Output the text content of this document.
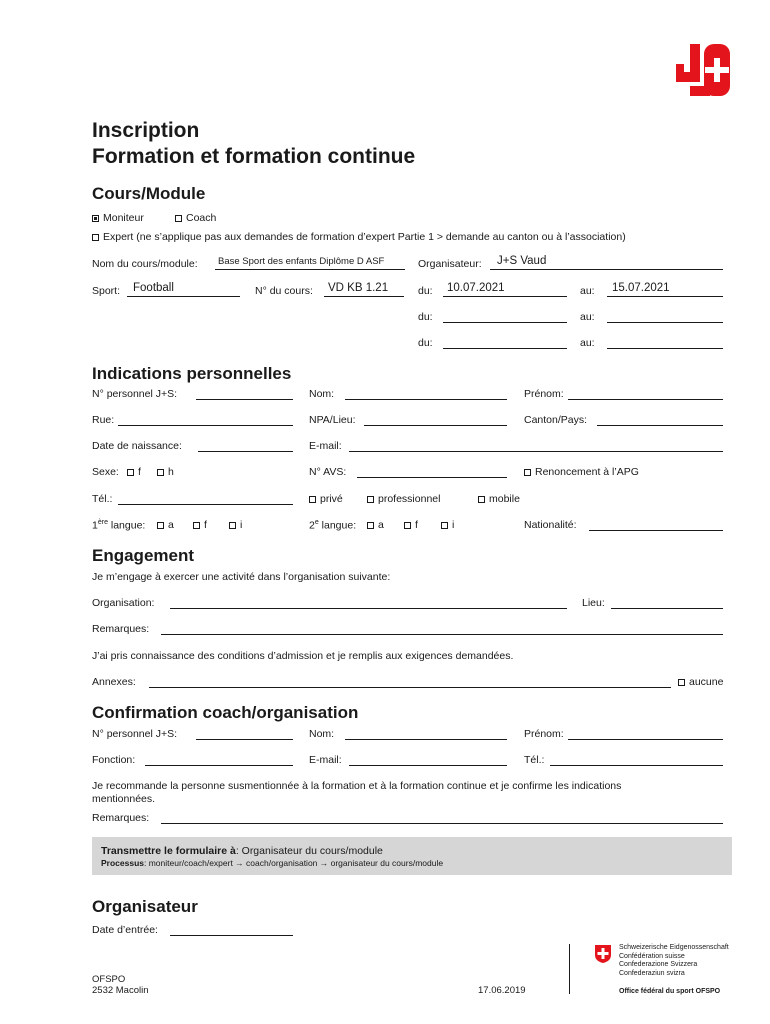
Inscription
Formation et formation continue
Cours/Module
Moniteur	Coach
Expert (ne s’applique pas aux demandes de formation d’expert Partie 1 > demande au canton ou à l’association)
Nom du cours/module: Base Sport des enfants Diplôme D ASF	Organisateur: J+S Vaud
Sport: Football	N° du cours: VD KB 1.21	du: 10.07.2021	au: 15.07.2021
du:	au:
du:	au:
Indications personnelles
N° personnel J+S:	Nom:	Prénom:
Rue:	NPA/Lieu:	Canton/Pays:
Date de naissance:	E-mail:
Sexe:	f	h	N° AVS:	Renoncement à l’APG
Tél.:	privé	professionnel	mobile
1ère langue:	a	f	i	2e langue:	a	f	i	Nationalité:
Engagement
Je m’engage à exercer une activité dans l’organisation suivante:
Organisation:	Lieu:
Remarques:
J’ai pris connaissance des conditions d’admission et je remplis aux exigences demandées.
Annexes:	aucune
Confirmation coach/organisation
N° personnel J+S:	Nom:	Prénom:
Fonction:	E-mail:	Tél.:
Je recommande la personne susmentionnée à la formation et à la formation continue et je confirme les indications
mentionnées.
Remarques:
Transmettre le formulaire à: Organisateur du cours/module
Processus: moniteur/coach/expert → coach/organisation → organisateur du cours/module
Organisateur
Date d’entrée:
OFSPO
2532 Macolin	17.06.2019
Schweizerische Eidgenossenschaft
Confédération suisse
Confederazione Svizzera
Confederaziun svizra
Office fédéral du sport OFSPO
